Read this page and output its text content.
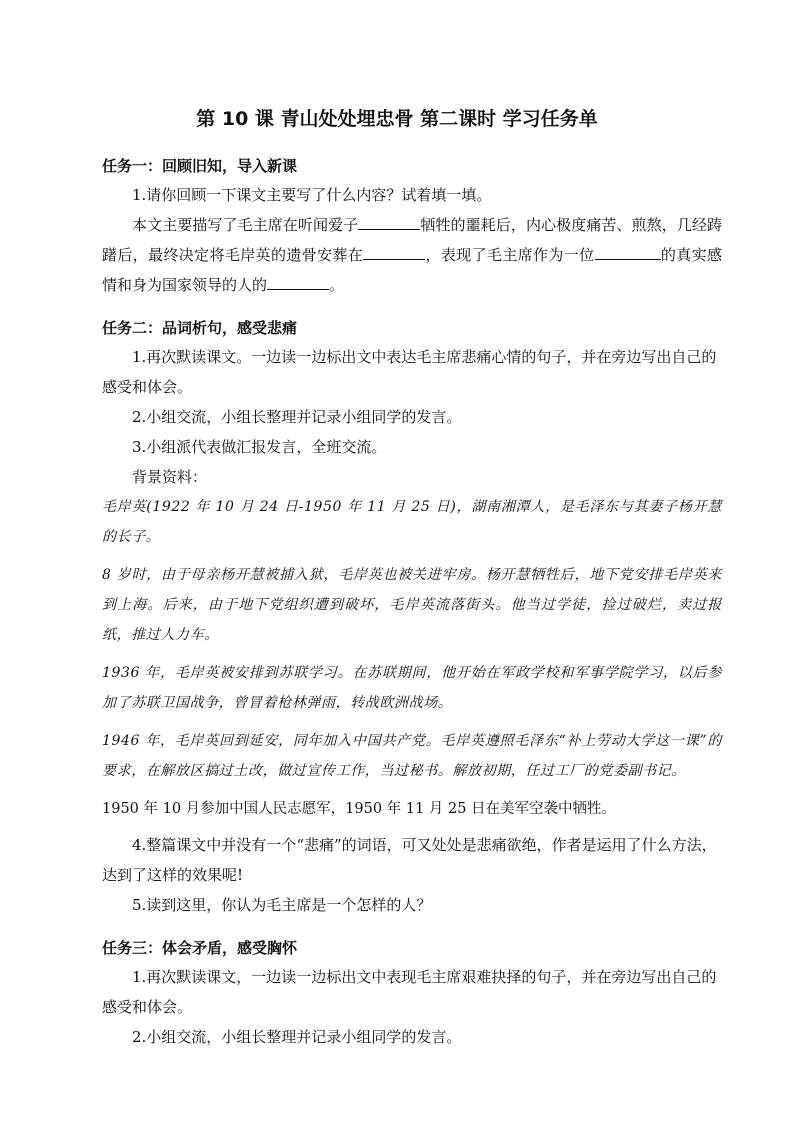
第 10 课 青山处处埋忠骨 第二课时 学习任务单

任务一：回顾旧知，导入新课

1.请你回顾一下课文主要写了什么内容？试着填一填。

本文主要描写了毛主席在听闻爱子	牺牲的噩耗后，内心极度痛苦、煎熬，几经踌躇后，最终决定将毛岸英的遗骨安葬在	，表现了毛主席作为一位	的真实感情和身为国家领导的人的	。

任务二：品词析句，感受悲痛

1.再次默读课文。一边读一边标出文中表达毛主席悲痛心情的句子，并在旁边写出自己的感受和体会。

2.小组交流，小组长整理并记录小组同学的发言。

3.小组派代表做汇报发言，全班交流。

背景资料：

毛岸英(1922 年 10 月 24 日-1950 年 11 月 25 日)，湖南湘潭人，是毛泽东与其妻子杨开慧的长子。

8 岁时，由于母亲杨开慧被捕入狱，毛岸英也被关进牢房。杨开慧牺牲后，地下党安排毛岸英来到上海。后来，由于地下党组织遭到破坏，毛岸英流落街头。他当过学徒，捡过破烂，卖过报纸，推过人力车。

1936 年，毛岸英被安排到苏联学习。在苏联期间，他开始在军政学校和军事学院学习，以后参加了苏联卫国战争，曾冒着枪林弹雨，转战欧洲战场。

1946 年，毛岸英回到延安，同年加入中国共产党。毛岸英遵照毛泽东“补上劳动大学这一课”的要求，在解放区搞过土改，做过宣传工作，当过秘书。解放初期，任过工厂的党委副书记。

1950 年 10 月参加中国人民志愿军，1950 年 11 月 25 日在美军空袭中牺牲。

4.整篇课文中并没有一个“悲痛”的词语，可又处处是悲痛欲绝，作者是运用了什么方法，达到了这样的效果呢!

5.读到这里，你认为毛主席是一个怎样的人？

任务三：体会矛盾，感受胸怀

1.再次默读课文，一边读一边标出文中表现毛主席艰难抉择的句子，并在旁边写出自己的感受和体会。

2.小组交流，小组长整理并记录小组同学的发言。
